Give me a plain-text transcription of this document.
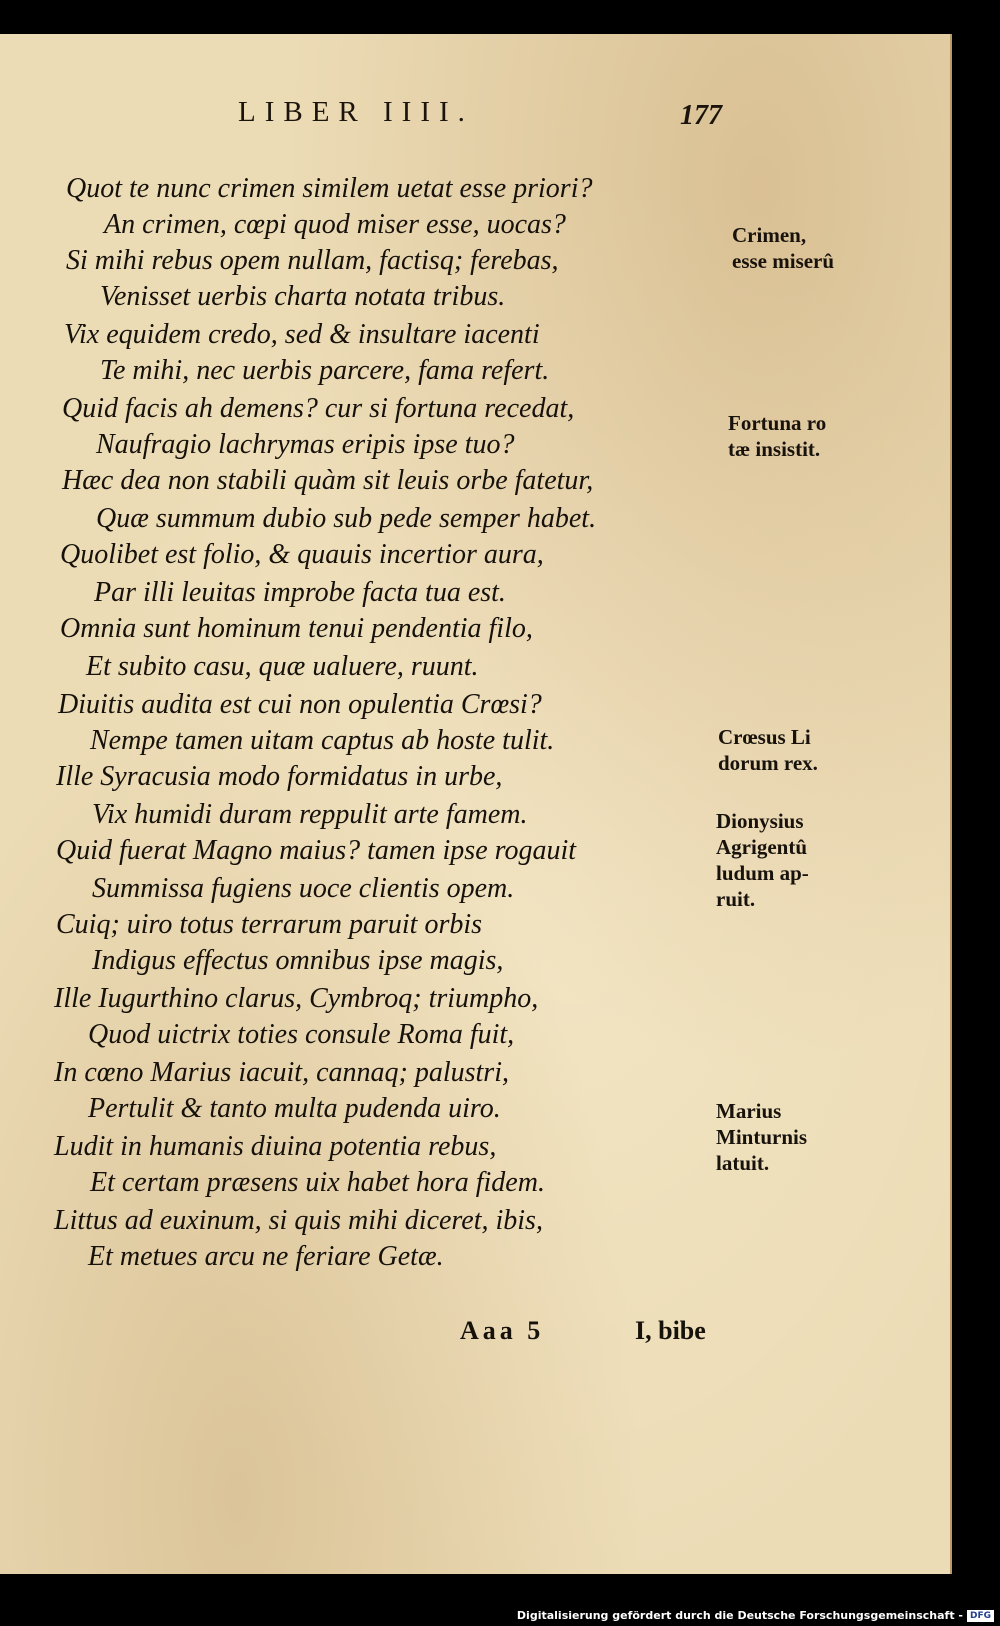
LIBER IIII.	177
Quot te nunc crimen similem uetat esse priori?
An crimen, cœpi quod miser esse, uocas?
Si mihi rebus opem nullam, factisq; ferebas,
Venisset uerbis charta notata tribus.
Vix equidem credo, sed & insultare iacenti
Te mihi, nec uerbis parcere, fama refert.
Quid facis ah demens? cur si fortuna recedat,
Naufragio lachrymas eripis ipse tuo?
Hæc dea non stabili quàm sit leuis orbe fatetur,
Quæ summum dubio sub pede semper habet.
Quolibet est folio, & quauis incertior aura,
Par illi leuitas improbe facta tua est.
Omnia sunt hominum tenui pendentia filo,
Et subito casu, quæ ualuere, ruunt.
Diuitis audita est cui non opulentia Crœsi?
Nempe tamen uitam captus ab hoste tulit.
Ille Syracusia modo formidatus in urbe,
Vix humidi duram reppulit arte famem.
Quid fuerat Magno maius? tamen ipse rogauit
Summissa fugiens uoce clientis opem.
Cuiq; uiro totus terrarum paruit orbis
Indigus effectus omnibus ipse magis,
Ille Iugurthino clarus, Cymbroq; triumpho,
Quod uictrix toties consule Roma fuit,
In cœno Marius iacuit, cannaq; palustri,
Pertulit & tanto multa pudenda uiro.
Ludit in humanis diuina potentia rebus,
Et certam præsens uix habet hora fidem.
Littus ad euxinum, si quis mihi diceret, ibis,
Et metues arcu ne feriare Getæ.
Crimen,
esse miserû
Fortuna ro
tæ insistit.
Crœsus Li
dorum rex.
Dionysius
Agrigentû
ludum ap-
ruit.
Marius
Minturnis
latuit.
Aaa 5	I, bibe
Digitalisierung gefördert durch die Deutsche Forschungsgemeinschaft - DFG
